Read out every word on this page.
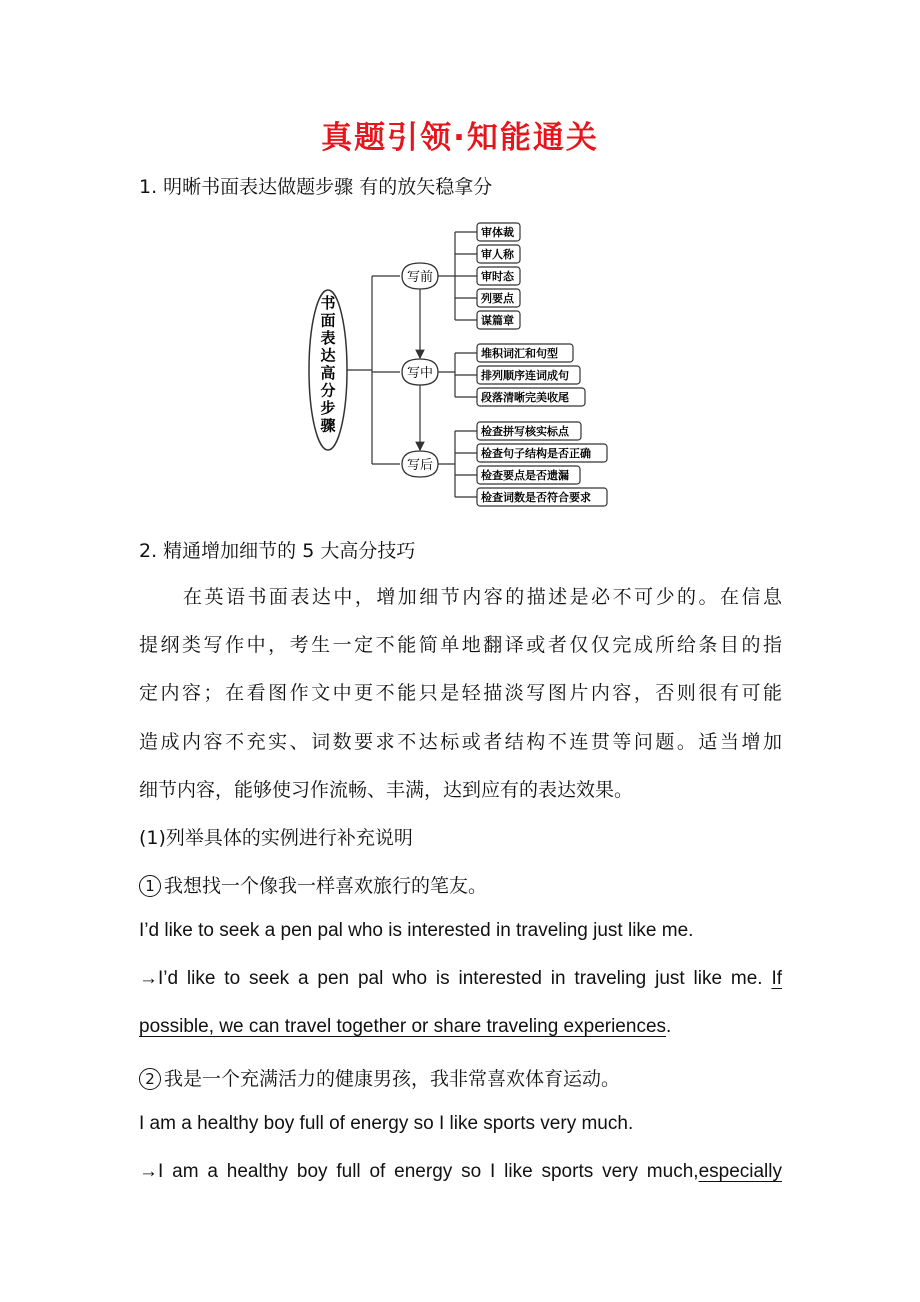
真题引领·知能通关
1. 明晰书面表达做题步骤 有的放矢稳拿分
书
面
表
达
高
分
步
骤
写前
审体裁
审人称
审时态
列要点
谋篇章
写中
堆积词汇和句型
排列顺序连词成句
段落清晰完美收尾
写后
检查拼写核实标点
检查句子结构是否正确
检查要点是否遗漏
检查词数是否符合要求
2. 精通增加细节的 5 大高分技巧
在英语书面表达中，增加细节内容的描述是必不可少的。在信息
提纲类写作中，考生一定不能简单地翻译或者仅仅完成所给条目的指
定内容；在看图作文中更不能只是轻描淡写图片内容，否则很有可能
造成内容不充实、词数要求不达标或者结构不连贯等问题。适当增加
细节内容，能够使习作流畅、丰满，达到应有的表达效果。
(1)列举具体的实例进行补充说明
1 我想找一个像我一样喜欢旅行的笔友。
I’d like to seek a pen pal who is interested in traveling just like me.
→I’d like to seek a pen pal who is interested in traveling just like me. If
possible, we can travel together or share traveling experiences.
2 我是一个充满活力的健康男孩，我非常喜欢体育运动。
I am a healthy boy full of energy so I like sports very much.
→I am a healthy boy full of energy so I like sports very much,especially
